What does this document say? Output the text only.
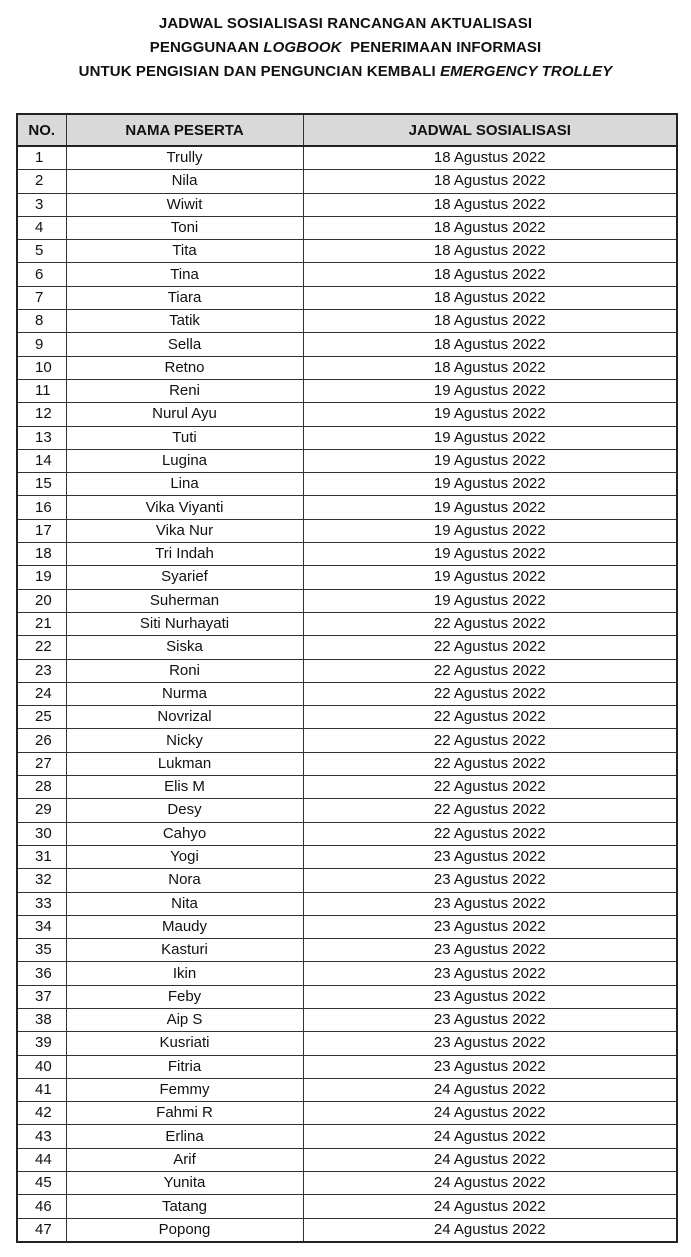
JADWAL SOSIALISASI RANCANGAN AKTUALISASI
PENGGUNAAN LOGBOOK  PENERIMAAN INFORMASI
UNTUK PENGISIAN DAN PENGUNCIAN KEMBALI EMERGENCY TROLLEY
NO.	NAMA PESERTA	JADWAL SOSIALISASI
1	Trully	18 Agustus 2022
2	Nila	18 Agustus 2022
3	Wiwit	18 Agustus 2022
4	Toni	18 Agustus 2022
5	Tita	18 Agustus 2022
6	Tina	18 Agustus 2022
7	Tiara	18 Agustus 2022
8	Tatik	18 Agustus 2022
9	Sella	18 Agustus 2022
10	Retno	18 Agustus 2022
11	Reni	19 Agustus 2022
12	Nurul Ayu	19 Agustus 2022
13	Tuti	19 Agustus 2022
14	Lugina	19 Agustus 2022
15	Lina	19 Agustus 2022
16	Vika Viyanti	19 Agustus 2022
17	Vika Nur	19 Agustus 2022
18	Tri Indah	19 Agustus 2022
19	Syarief	19 Agustus 2022
20	Suherman	19 Agustus 2022
21	Siti Nurhayati	22 Agustus 2022
22	Siska	22 Agustus 2022
23	Roni	22 Agustus 2022
24	Nurma	22 Agustus 2022
25	Novrizal	22 Agustus 2022
26	Nicky	22 Agustus 2022
27	Lukman	22 Agustus 2022
28	Elis M	22 Agustus 2022
29	Desy	22 Agustus 2022
30	Cahyo	22 Agustus 2022
31	Yogi	23 Agustus 2022
32	Nora	23 Agustus 2022
33	Nita	23 Agustus 2022
34	Maudy	23 Agustus 2022
35	Kasturi	23 Agustus 2022
36	Ikin	23 Agustus 2022
37	Feby	23 Agustus 2022
38	Aip S	23 Agustus 2022
39	Kusriati	23 Agustus 2022
40	Fitria	23 Agustus 2022
41	Femmy	24 Agustus 2022
42	Fahmi R	24 Agustus 2022
43	Erlina	24 Agustus 2022
44	Arif	24 Agustus 2022
45	Yunita	24 Agustus 2022
46	Tatang	24 Agustus 2022
47	Popong	24 Agustus 2022
